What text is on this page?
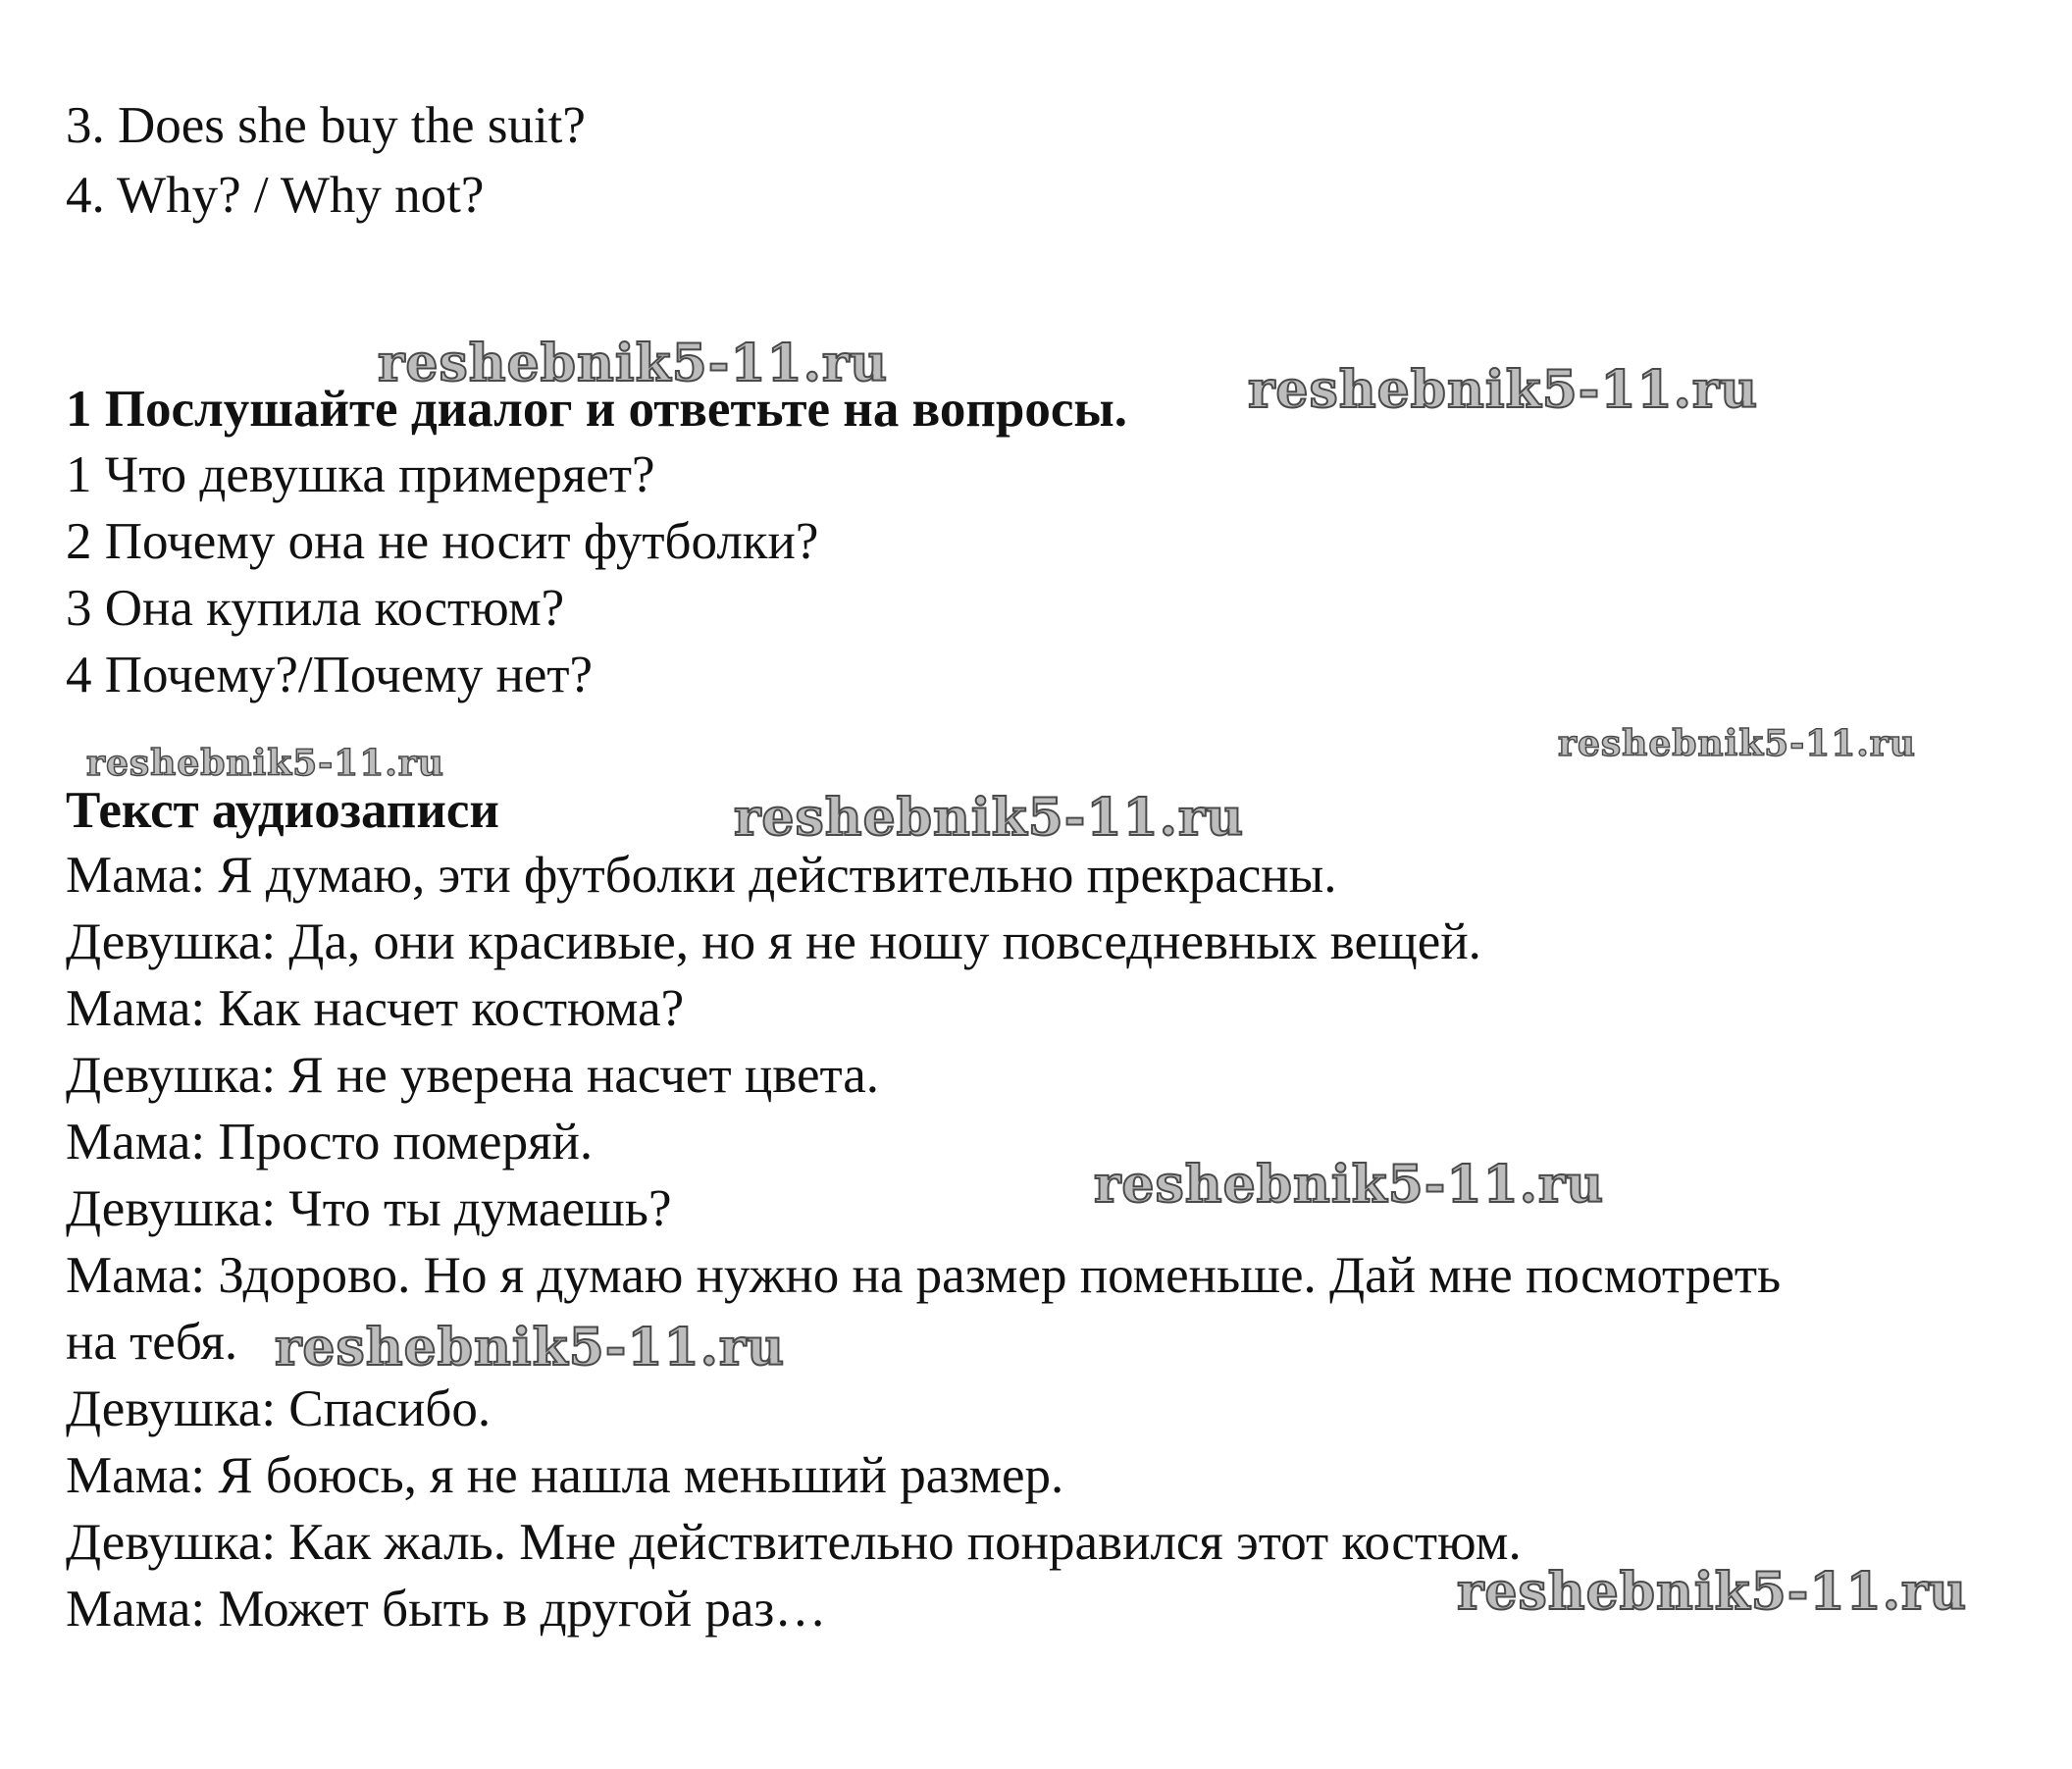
3. Does she buy the suit?

4. Why? / Why not?

1 Послушайте диалог и ответьте на вопросы.

1 Что девушка примеряет?

2 Почему она не носит футболки?

3 Она купила костюм?

4 Почему?/Почему нет?

Текст аудиозаписи

Мама: Я думаю, эти футболки действительно прекрасны.

Девушка: Да, они красивые, но я не ношу повседневных вещей.

Мама: Как насчет костюма?

Девушка: Я не уверена насчет цвета.

Мама: Просто померяй.

Девушка: Что ты думаешь?

Мама: Здорово. Но я думаю нужно на размер поменьше. Дай мне посмотреть

на тебя.

Девушка: Спасибо.

Мама: Я боюсь, я не нашла меньший размер.

Девушка: Как жаль. Мне действительно понравился этот костюм.

Мама: Может быть в другой раз…

reshebnik5-11.ru	reshebnik5-11.ru
reshebnik5-11.ru	reshebnik5-11.ru
reshebnik5-11.ru
reshebnik5-11.ru
reshebnik5-11.ru
reshebnik5-11.ru
